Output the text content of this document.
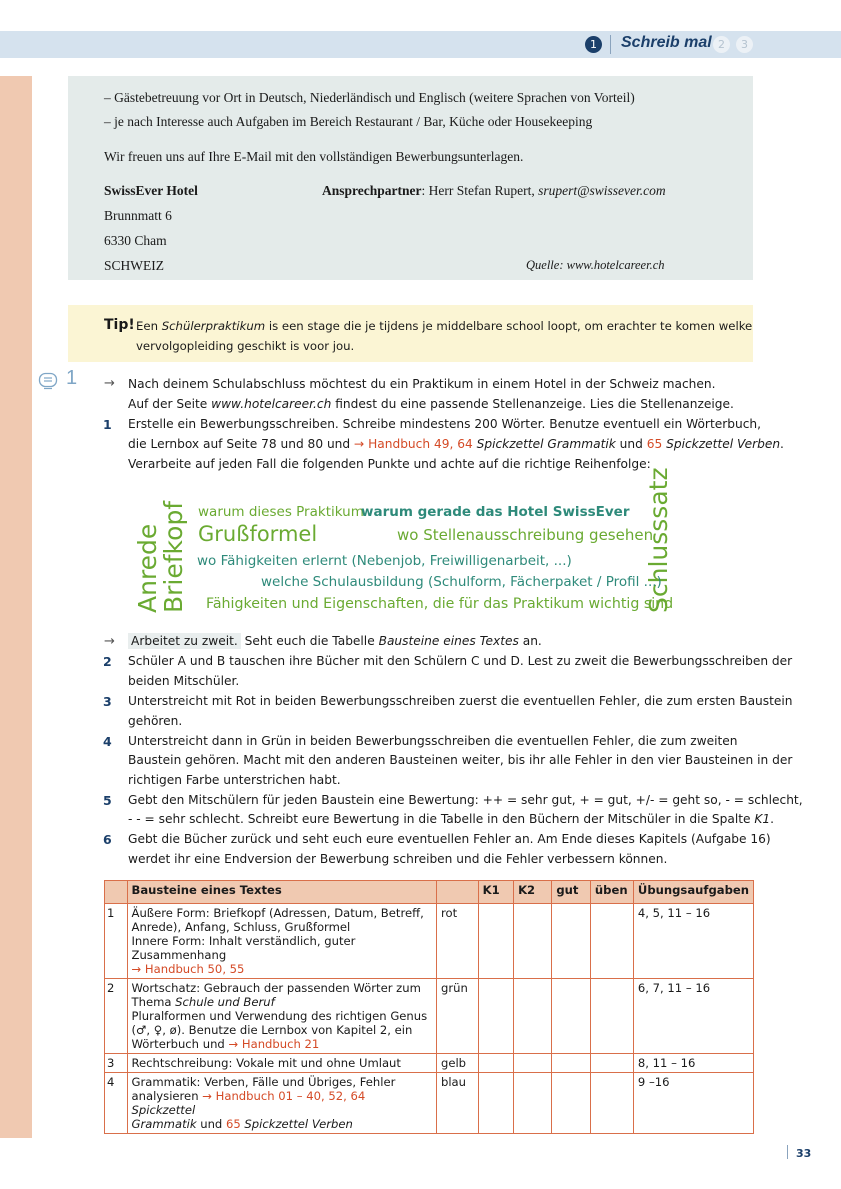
1	Schreib mal 2	3
– Gästebetreuung vor Ort in Deutsch, Niederländisch und Englisch (weitere Sprachen von Vorteil)
– je nach Interesse auch Aufgaben im Bereich Restaurant / Bar, Küche oder Housekeeping
Wir freuen uns auf Ihre E-Mail mit den vollständigen Bewerbungsunterlagen.
SwissEver Hotel	Ansprechpartner: Herr Stefan Rupert, srupert@swissever.com
Brunnmatt 6
6330 Cham
SCHWEIZ	Quelle: www.hotelcareer.ch
Tip! Een Schülerpraktikum is een stage die je tijdens je middelbare school loopt, om erachter te komen welke
vervolgopleiding geschikt is voor jou.
1 → Nach deinem Schulabschluss möchtest du ein Praktikum in einem Hotel in der Schweiz machen.
Auf der Seite www.hotelcareer.ch findest du eine passende Stellenanzeige. Lies die Stellenanzeige.
1 Erstelle ein Bewerbungsschreiben. Schreibe mindestens 200 Wörter. Benutze eventuell ein Wörterbuch,
die Lernbox auf Seite 78 und 80 und → Handbuch 49, 64 Spickzettel Grammatik und 65 Spickzettel Verben.
Verarbeite auf jeden Fall die folgenden Punkte und achte auf die richtige Reihenfolge:
Anrede
Briefkopf	Schlusssatz
warum dieses Praktikum
warum gerade das Hotel SwissEver
Grußformel	wo Stellenausschreibung gesehen
wo Fähigkeiten erlernt (Nebenjob, Freiwilligenarbeit, ...)
welche Schulausbildung (Schulform, Fächerpaket / Profil ...)
Fähigkeiten und Eigenschaften, die für das Praktikum wichtig sind
→ Arbeitet zu zweit. Seht euch die Tabelle Bausteine eines Textes an.
2 Schüler A und B tauschen ihre Bücher mit den Schülern C und D. Lest zu zweit die Bewerbungsschreiben der
beiden Mitschüler.
3 Unterstreicht mit Rot in beiden Bewerbungsschreiben zuerst die eventuellen Fehler, die zum ersten Baustein
gehören.
4 Unterstreicht dann in Grün in beiden Bewerbungsschreiben die eventuellen Fehler, die zum zweiten
Baustein gehören. Macht mit den anderen Bausteinen weiter, bis ihr alle Fehler in den vier Bausteinen in der
richtigen Farbe unterstrichen habt.
5 Gebt den Mitschülern für jeden Baustein eine Bewertung: ++ = sehr gut, + = gut, +/- = geht so, - = schlecht,
- - = sehr schlecht. Schreibt eure Bewertung in die Tabelle in den Büchern der Mitschüler in die Spalte K1.
6 Gebt die Bücher zurück und seht euch eure eventuellen Fehler an. Am Ende dieses Kapitels (Aufgabe 16)
werdet ihr eine Endversion der Bewerbung schreiben und die Fehler verbessern können.
	Bausteine eines Textes		K1	K2	gut	üben	Übungsaufgaben
1	Äußere Form: Briefkopf (Adressen, Datum, Betreff,
Anrede), Anfang, Schluss, Grußformel
Innere Form: Inhalt verständlich, guter
Zusammenhang
→ Handbuch 50, 55	rot					4, 5, 11 – 16
2	Wortschatz: Gebrauch der passenden Wörter zum
Thema Schule und Beruf
Pluralformen und Verwendung des richtigen Genus
(♂, ♀, ø). Benutze die Lernbox von Kapitel 2, ein
Wörterbuch und → Handbuch 21	grün					6, 7, 11 – 16
3	Rechtschreibung: Vokale mit und ohne Umlaut	gelb					8, 11 – 16
4	Grammatik: Verben, Fälle und Übriges, Fehler
analysieren → Handbuch 01 – 40, 52, 64 Spickzettel
Grammatik und 65 Spickzettel Verben	blau					9 –16
33
